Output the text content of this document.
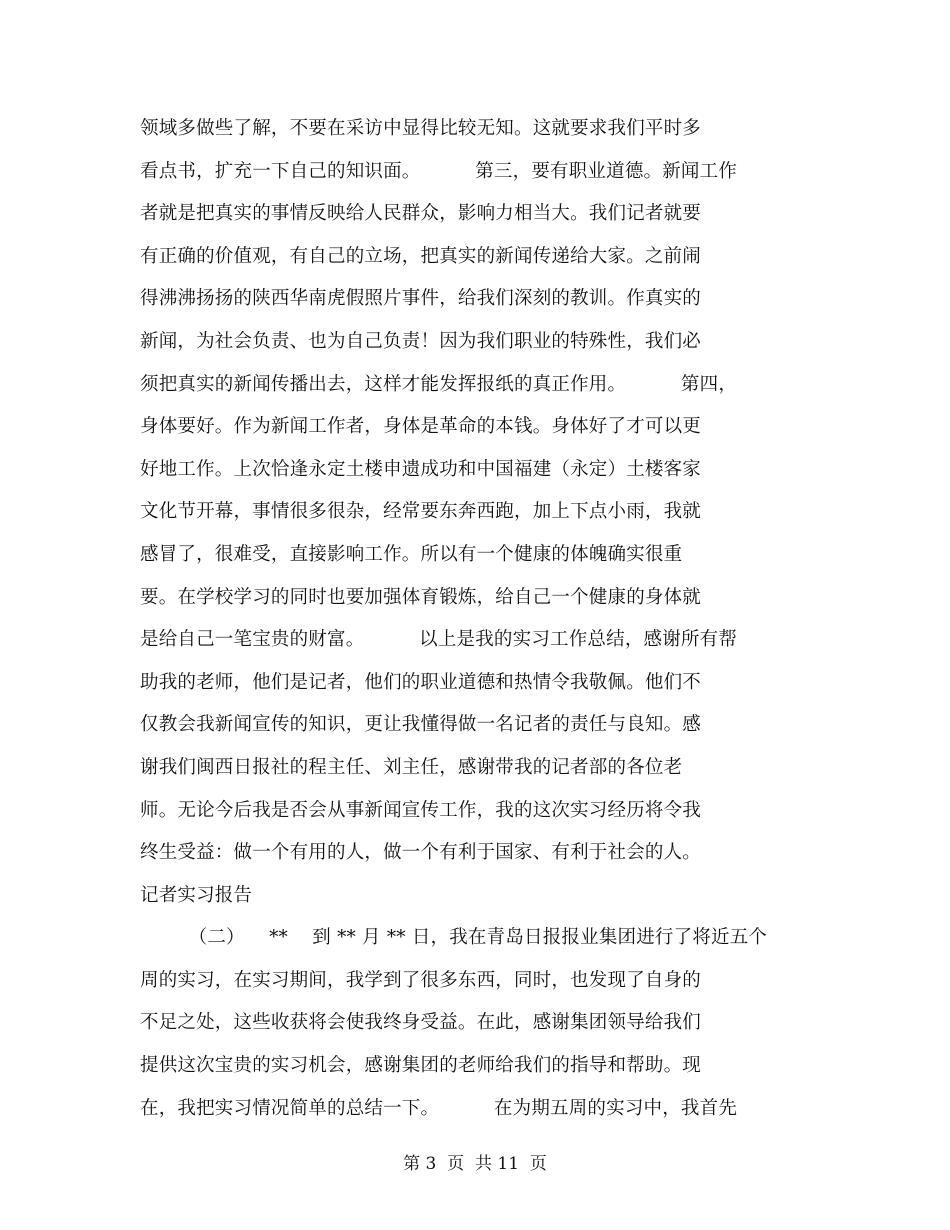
领域多做些了解，不要在采访中显得比较无知。这就要求我们平时多
看点书，扩充一下自己的知识面。         第三，要有职业道德。新闻工作
者就是把真实的事情反映给人民群众，影响力相当大。我们记者就要
有正确的价值观，有自己的立场，把真实的新闻传递给大家。之前闹
得沸沸扬扬的陕西华南虎假照片事件，给我们深刻的教训。作真实的
新闻，为社会负责、也为自己负责！因为我们职业的特殊性，我们必
须把真实的新闻传播出去，这样才能发挥报纸的真正作用。         第四，
身体要好。作为新闻工作者，身体是革命的本钱。身体好了才可以更
好地工作。上次恰逢永定土楼申遗成功和中国福建（永定）土楼客家
文化节开幕，事情很多很杂，经常要东奔西跑，加上下点小雨，我就
感冒了，很难受，直接影响工作。所以有一个健康的体魄确实很重
要。在学校学习的同时也要加强体育锻炼，给自己一个健康的身体就
是给自己一笔宝贵的财富。         以上是我的实习工作总结，感谢所有帮
助我的老师，他们是记者，他们的职业道德和热情令我敬佩。他们不
仅教会我新闻宣传的知识，更让我懂得做一名记者的责任与良知。感
谢我们闽西日报社的程主任、刘主任，感谢带我的记者部的各位老
师。无论今后我是否会从事新闻宣传工作，我的这次实习经历将令我
终生受益：做一个有用的人，做一个有利于国家、有利于社会的人。
记者实习报告
（二）    **    到 ** 月 ** 日，我在青岛日报报业集团进行了将近五个
周的实习，在实习期间，我学到了很多东西，同时，也发现了自身的
不足之处，这些收获将会使我终身受益。在此，感谢集团领导给我们
提供这次宝贵的实习机会，感谢集团的老师给我们的指导和帮助。现
在，我把实习情况简单的总结一下。         在为期五周的实习中，我首先
第 3  页  共 11  页
